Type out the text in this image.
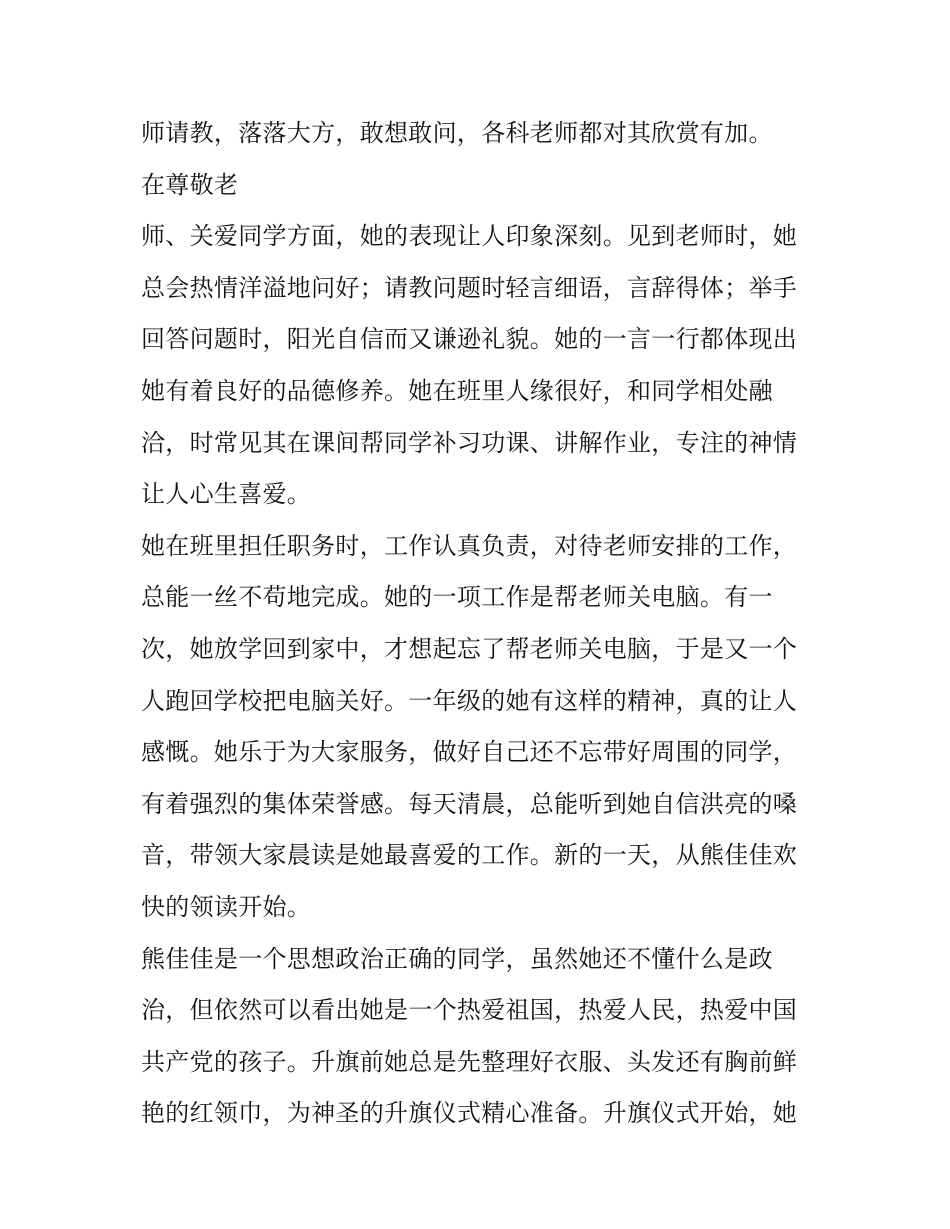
师请教，落落大方，敢想敢问，各科老师都对其欣赏有加。
在尊敬老
师、关爱同学方面，她的表现让人印象深刻。见到老师时，她
总会热情洋溢地问好；请教问题时轻言细语，言辞得体；举手
回答问题时，阳光自信而又谦逊礼貌。她的一言一行都体现出
她有着良好的品德修养。她在班里人缘很好，和同学相处融
洽，时常见其在课间帮同学补习功课、讲解作业，专注的神情
让人心生喜爱。
她在班里担任职务时，工作认真负责，对待老师安排的工作，
总能一丝不苟地完成。她的一项工作是帮老师关电脑。有一
次，她放学回到家中，才想起忘了帮老师关电脑，于是又一个
人跑回学校把电脑关好。一年级的她有这样的精神，真的让人
感慨。她乐于为大家服务，做好自己还不忘带好周围的同学，
有着强烈的集体荣誉感。每天清晨，总能听到她自信洪亮的嗓
音，带领大家晨读是她最喜爱的工作。新的一天，从熊佳佳欢
快的领读开始。
熊佳佳是一个思想政治正确的同学，虽然她还不懂什么是政
治，但依然可以看出她是一个热爱祖国，热爱人民，热爱中国
共产党的孩子。升旗前她总是先整理好衣服、头发还有胸前鲜
艳的红领巾，为神圣的升旗仪式精心准备。升旗仪式开始，她
